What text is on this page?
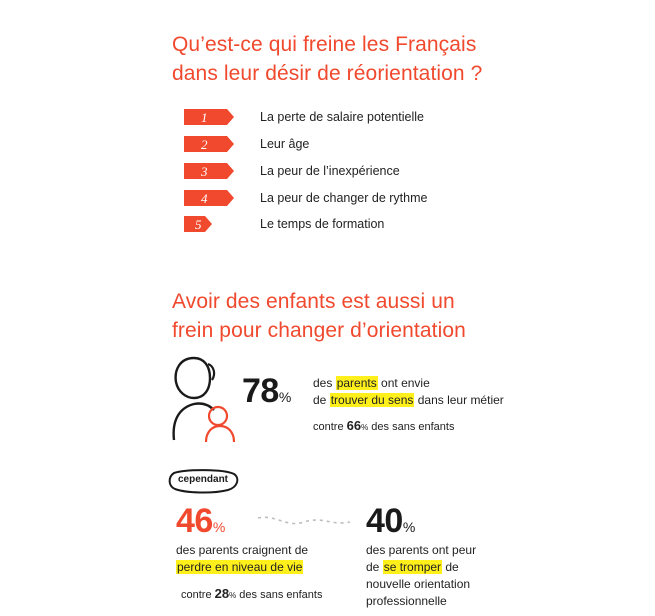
Qu’est-ce qui freine les Français
dans leur désir de réorientation ?
1	La perte de salaire potentielle
2	Leur âge
3	La peur de l’inexpérience
4	La peur de changer de rythme
5	Le temps de formation
Avoir des enfants est aussi un
frein pour changer d’orientation
78%
des parents ont envie
de trouver du sens dans leur métier
contre 66% des sans enfants
cependant
46%
des parents craignent de
perdre en niveau de vie
contre 28% des sans enfants
40%
des parents ont peur
de se tromper de
nouvelle orientation
professionnelle
